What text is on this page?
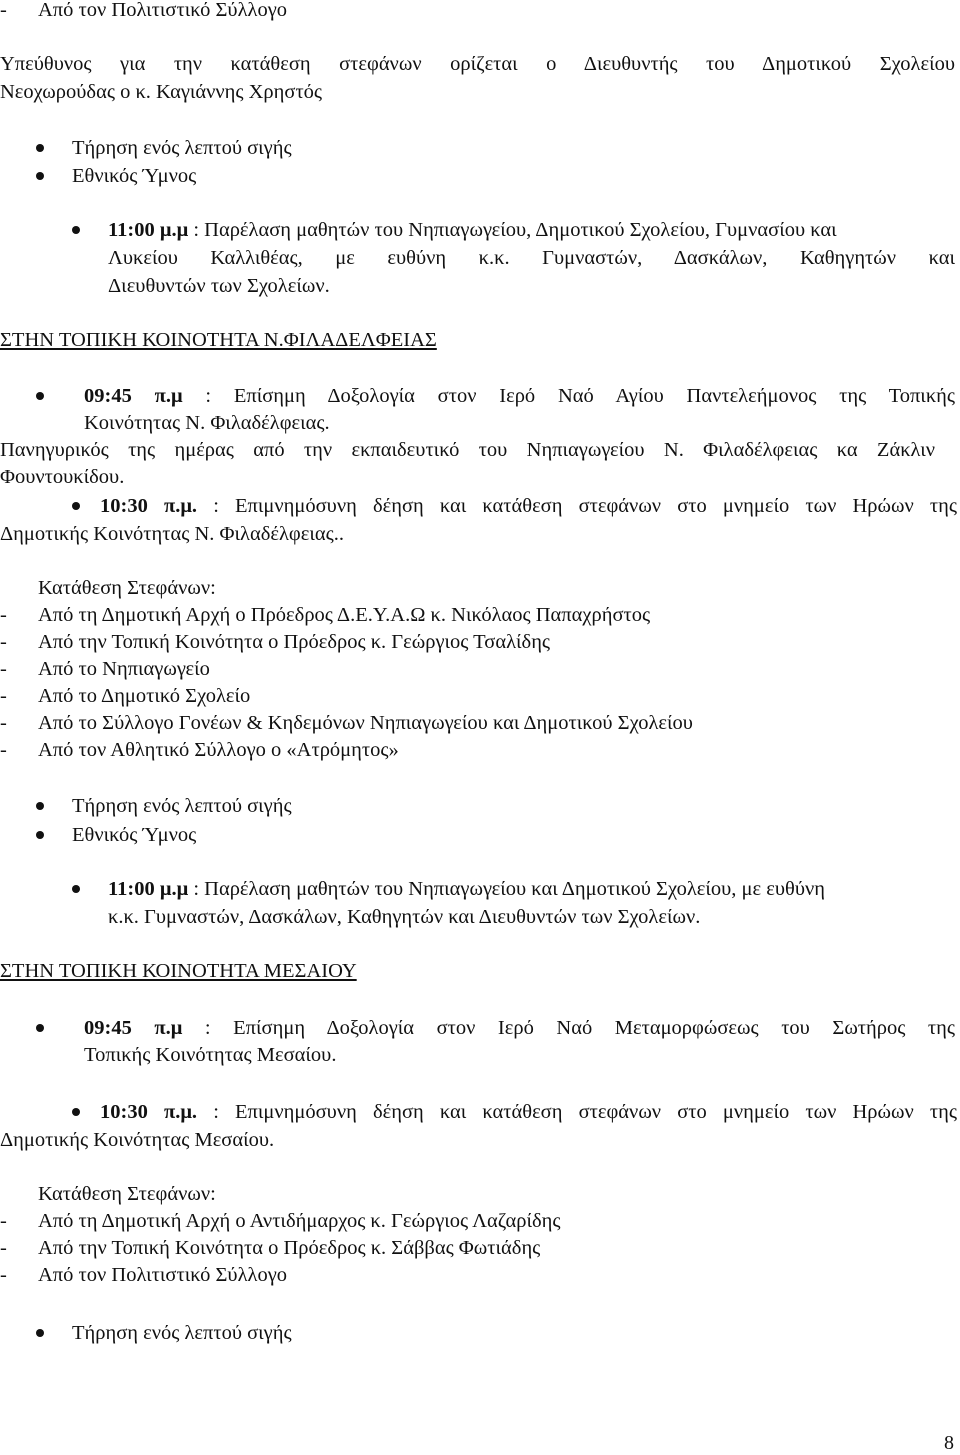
- Από τον Πολιτιστικό Σύλλογο
Υπεύθυνος για την κατάθεση στεφάνων ορίζεται ο Διευθυντής του Δημοτικού Σχολείου
Νεοχωρούδας ο κ. Καγιάννης Χρηστός
Τήρηση ενός λεπτού σιγής
Εθνικός Ύμνος
11:00 μ.μ : Παρέλαση μαθητών του Νηπιαγωγείου, Δημοτικού Σχολείου, Γυμνασίου και
Λυκείου Καλλιθέας, με ευθύνη κ.κ. Γυμναστών, Δασκάλων, Καθηγητών και
Διευθυντών των Σχολείων.
ΣΤΗΝ ΤΟΠΙΚΗ ΚΟΙΝΟΤΗΤΑ Ν.ΦΙΛΑΔΕΛΦΕΙΑΣ
09:45 π.μ : Επίσημη Δοξολογία στον Ιερό Ναό Αγίου Παντελεήμονος της Τοπικής
Κοινότητας Ν. Φιλαδέλφειας.
Πανηγυρικός της ημέρας από την εκπαιδευτικό του Νηπιαγωγείου Ν. Φιλαδέλφειας κα Ζάκλιν
Φουντουκίδου.
10:30 π.μ. : Επιμνημόσυνη δέηση και κατάθεση στεφάνων στο μνημείο των Ηρώων της
Δημοτικής Κοινότητας Ν. Φιλαδέλφειας..
Κατάθεση Στεφάνων:
- Από τη Δημοτική Αρχή ο Πρόεδρος Δ.Ε.Υ.Α.Ω κ. Νικόλαος Παπαχρήστος
- Από την Τοπική Κοινότητα ο Πρόεδρος κ. Γεώργιος Τσαλίδης
- Από το Νηπιαγωγείο
- Από το Δημοτικό Σχολείο
- Από το Σύλλογο Γονέων & Κηδεμόνων Νηπιαγωγείου και Δημοτικού Σχολείου
- Από τον Αθλητικό Σύλλογο ο «Ατρόμητος»
Τήρηση ενός λεπτού σιγής
Εθνικός Ύμνος
11:00 μ.μ : Παρέλαση μαθητών του Νηπιαγωγείου και Δημοτικού Σχολείου, με ευθύνη
κ.κ. Γυμναστών, Δασκάλων, Καθηγητών και Διευθυντών των Σχολείων.
ΣΤΗΝ ΤΟΠΙΚΗ ΚΟΙΝΟΤΗΤΑ ΜΕΣΑΙΟΥ
09:45 π.μ : Επίσημη Δοξολογία στον Ιερό Ναό Μεταμορφώσεως του Σωτήρος της
Τοπικής Κοινότητας Μεσαίου.
10:30 π.μ. : Επιμνημόσυνη δέηση και κατάθεση στεφάνων στο μνημείο των Ηρώων της
Δημοτικής Κοινότητας Μεσαίου.
Κατάθεση Στεφάνων:
- Από τη Δημοτική Αρχή ο Αντιδήμαρχος κ. Γεώργιος Λαζαρίδης
- Από την Τοπική Κοινότητα ο Πρόεδρος κ. Σάββας Φωτιάδης
- Από τον Πολιτιστικό Σύλλογο
Τήρηση ενός λεπτού σιγής
8
